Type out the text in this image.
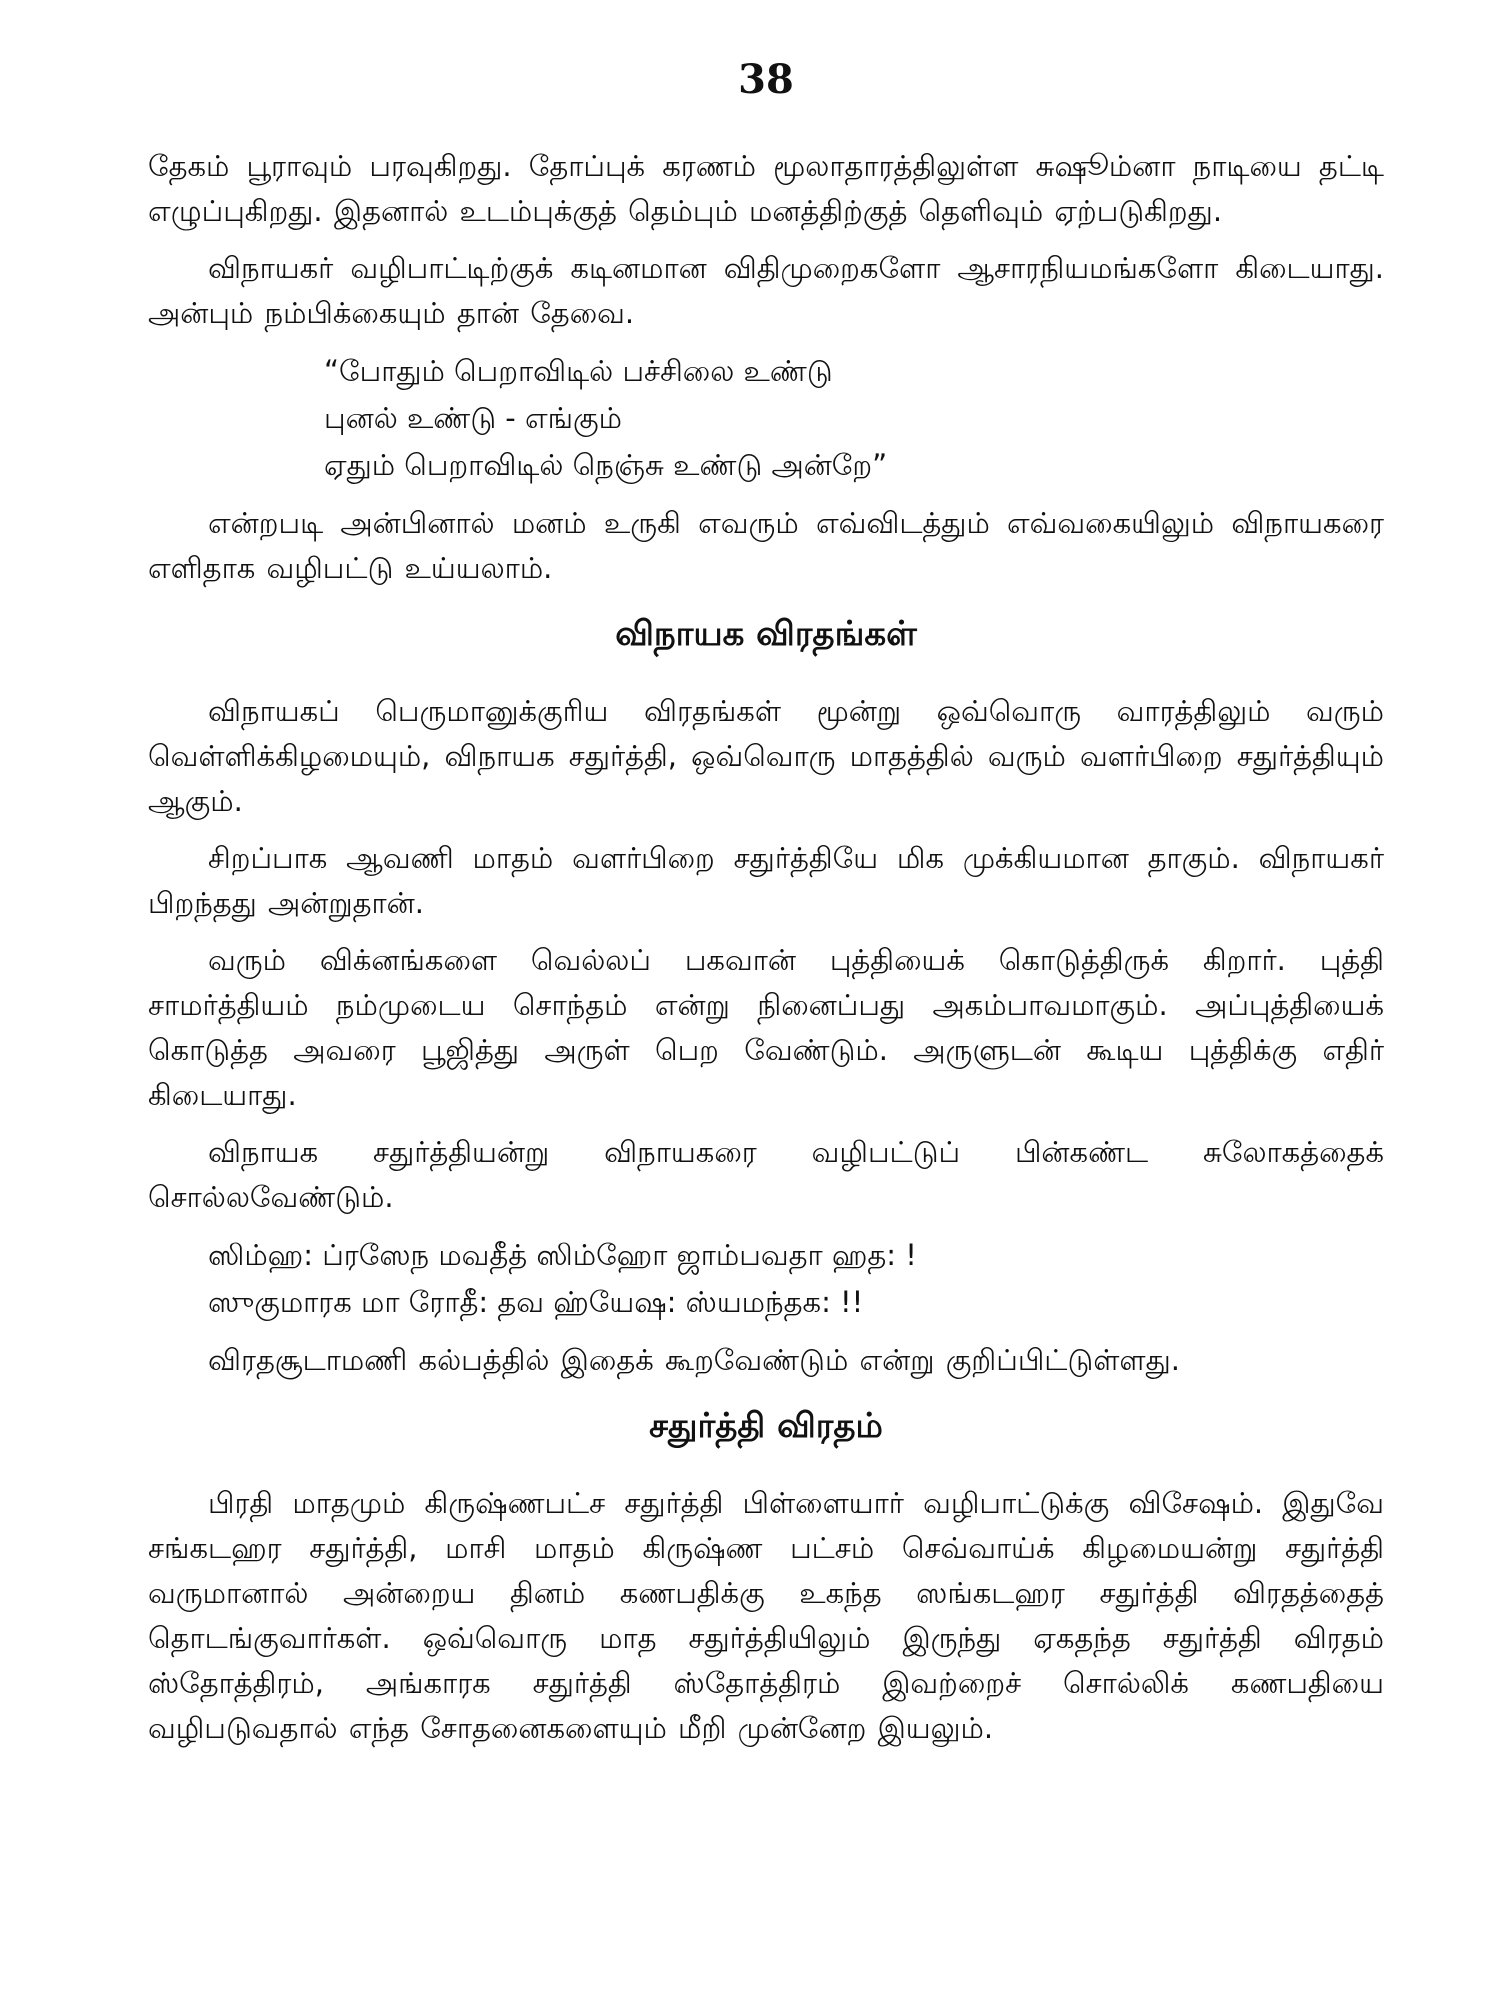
38

தேகம் பூராவும் பரவுகிறது. தோப்புக் கரணம் மூலாதாரத்திலுள்ள சுஷூம்னா நாடியை தட்டி எழுப்புகிறது. இதனால் உடம்புக்குத் தெம்பும் மனத்திற்குத் தெளிவும் ஏற்படுகிறது.

விநாயகர் வழிபாட்டிற்குக் கடினமான விதிமுறைகளோ ஆசாரநியமங்களோ கிடையாது. அன்பும் நம்பிக்கையும் தான் தேவை.

“போதும் பெறாவிடில் பச்சிலை உண்டு
புனல் உண்டு - எங்கும்
ஏதும் பெறாவிடில் நெஞ்சு உண்டு அன்றே”

என்றபடி அன்பினால் மனம் உருகி எவரும் எவ்விடத்தும் எவ்வகையிலும் விநாயகரை எளிதாக வழிபட்டு உய்யலாம்.

விநாயக விரதங்கள்

விநாயகப் பெருமானுக்குரிய விரதங்கள் மூன்று ஒவ்வொரு வாரத்திலும் வரும் வெள்ளிக்கிழமையும், விநாயக சதுர்த்தி, ஒவ்வொரு மாதத்தில் வரும் வளர்பிறை சதுர்த்தியும் ஆகும்.

சிறப்பாக ஆவணி மாதம் வளர்பிறை சதுர்த்தியே மிக முக்கியமான தாகும். விநாயகர் பிறந்தது அன்றுதான்.

வரும் விக்னங்களை வெல்லப் பகவான் புத்தியைக் கொடுத்திருக் கிறார். புத்தி சாமர்த்தியம் நம்முடைய சொந்தம் என்று நினைப்பது அகம்பாவமாகும். அப்புத்தியைக் கொடுத்த அவரை பூஜித்து அருள் பெற வேண்டும். அருளுடன் கூடிய புத்திக்கு எதிர் கிடையாது.

விநாயக சதுர்த்தியன்று விநாயகரை வழிபட்டுப் பின்கண்ட சுலோகத்தைக் சொல்லவேண்டும்.

ஸிம்ஹ: ப்ரஸேந மவதீத் ஸிம்ஹோ ஜாம்பவதா ஹத: !
ஸுகுமாரக மா ரோதீ: தவ ஹ்யேஷ: ஸ்யமந்தக: !!

விரதசூடாமணி கல்பத்தில் இதைக் கூறவேண்டும் என்று குறிப்பிட்டுள்ளது.

சதுர்த்தி விரதம்

பிரதி மாதமும் கிருஷ்ணபட்ச சதுர்த்தி பிள்ளையார் வழிபாட்டுக்கு விசேஷம். இதுவே சங்கடஹர சதுர்த்தி, மாசி மாதம் கிருஷ்ண பட்சம் செவ்வாய்க் கிழமையன்று சதுர்த்தி வருமானால் அன்றைய தினம் கணபதிக்கு உகந்த ஸங்கடஹர சதுர்த்தி விரதத்தைத் தொடங்குவார்கள். ஒவ்வொரு மாத சதுர்த்தியிலும் இருந்து ஏகதந்த சதுர்த்தி விரதம் ஸ்தோத்திரம், அங்காரக சதுர்த்தி ஸ்தோத்திரம் இவற்றைச் சொல்லிக் கணபதியை வழிபடுவதால் எந்த சோதனைகளையும் மீறி முன்னேற இயலும்.
